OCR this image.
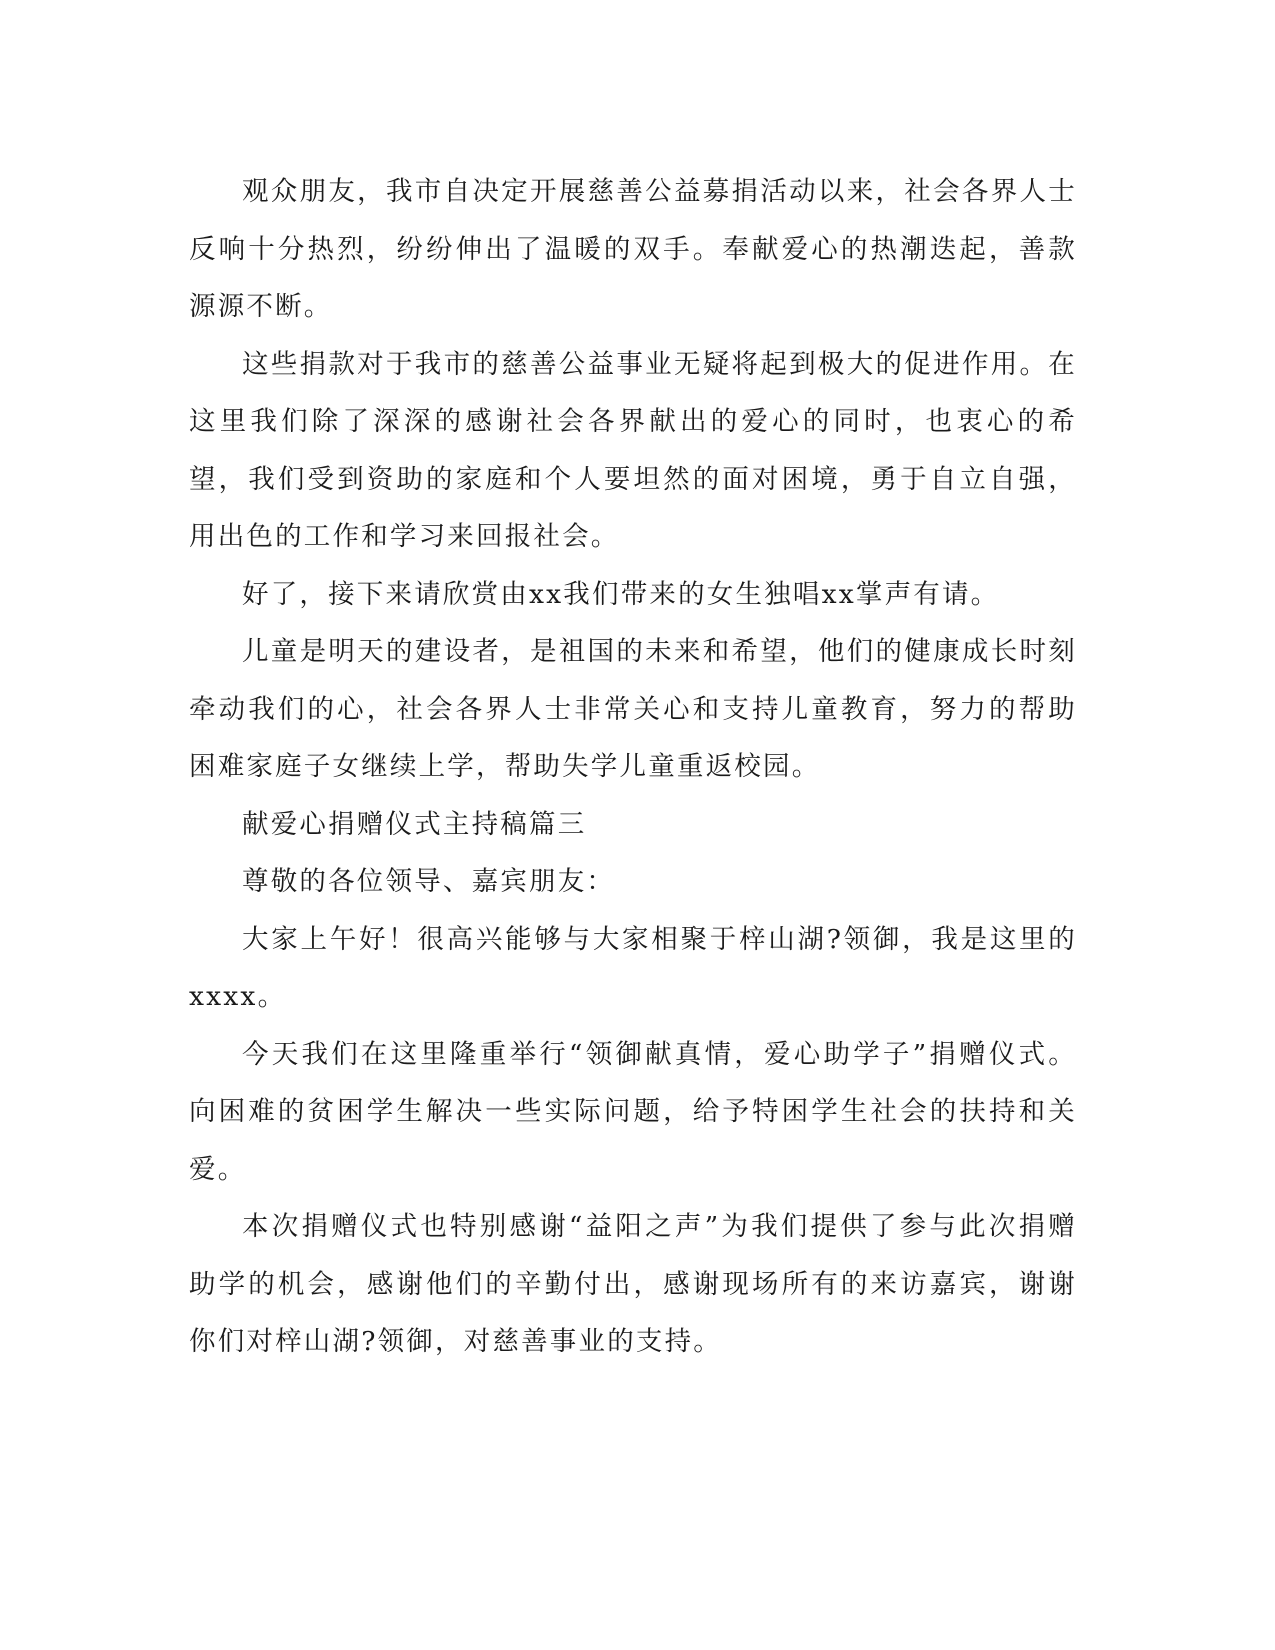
观众朋友，我市自决定开展慈善公益募捐活动以来，社会各界人士反响十分热烈，纷纷伸出了温暖的双手。奉献爱心的热潮迭起，善款源源不断。

这些捐款对于我市的慈善公益事业无疑将起到极大的促进作用。在这里我们除了深深的感谢社会各界献出的爱心的同时，也衷心的希望，我们受到资助的家庭和个人要坦然的面对困境，勇于自立自强，用出色的工作和学习来回报社会。

好了，接下来请欣赏由xx我们带来的女生独唱xx掌声有请。

儿童是明天的建设者，是祖国的未来和希望，他们的健康成长时刻牵动我们的心，社会各界人士非常关心和支持儿童教育，努力的帮助困难家庭子女继续上学，帮助失学儿童重返校园。

献爱心捐赠仪式主持稿篇三

尊敬的各位领导、嘉宾朋友：

大家上午好！很高兴能够与大家相聚于梓山湖?领御，我是这里的xxxx。

今天我们在这里隆重举行“领御献真情，爱心助学子”捐赠仪式。向困难的贫困学生解决一些实际问题，给予特困学生社会的扶持和关爱。

本次捐赠仪式也特别感谢“益阳之声”为我们提供了参与此次捐赠助学的机会，感谢他们的辛勤付出，感谢现场所有的来访嘉宾，谢谢你们对梓山湖?领御，对慈善事业的支持。
